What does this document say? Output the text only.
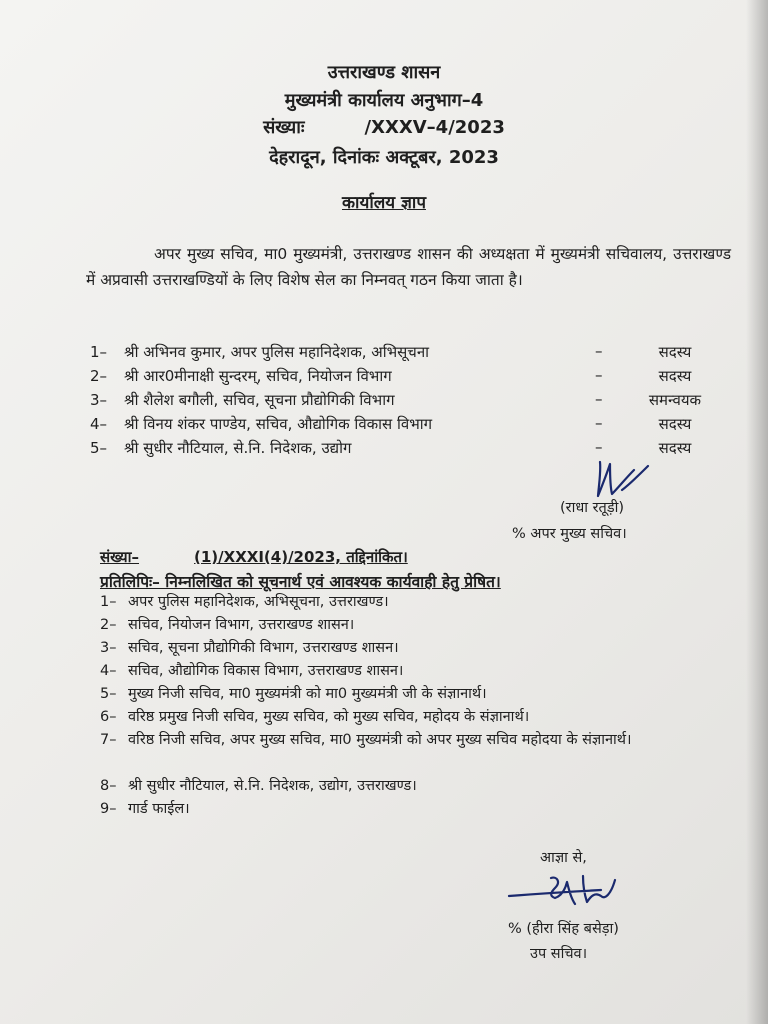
उत्तराखण्ड शासन
मुख्यमंत्री कार्यालय अनुभाग–4
संख्याः	/XXXV–4/2023
देहरादून, दिनांकः अक्टूबर, 2023
कार्यालय ज्ञाप
अपर मुख्य सचिव, मा0 मुख्यमंत्री, उत्तराखण्ड शासन की अध्यक्षता में मुख्यमंत्री सचिवालय, उत्तराखण्ड में अप्रवासी उत्तराखण्डियों के लिए विशेष सेल का निम्नवत् गठन किया जाता है।
1– श्री अभिनव कुमार, अपर पुलिस महानिदेशक, अभिसूचना	–	सदस्य
2– श्री आर0मीनाक्षी सुन्दरम्, सचिव, नियोजन विभाग	–	सदस्य
3– श्री शैलेश बगौली, सचिव, सूचना प्रौद्योगिकी विभाग	–	समन्वयक
4– श्री विनय शंकर पाण्डेय, सचिव, औद्योगिक विकास विभाग	–	सदस्य
5– श्री सुधीर नौटियाल, से.नि. निदेशक, उद्योग	–	सदस्य
(राधा रतूड़ी)
% अपर मुख्य सचिव।
संख्या–	(1)/XXXI(4)/2023, तद्दिनांकित।
प्रतिलिपिः– निम्नलिखित को सूचनार्थ एवं आवश्यक कार्यवाही हेतु प्रेषित।
1– अपर पुलिस महानिदेशक, अभिसूचना, उत्तराखण्ड।
2– सचिव, नियोजन विभाग, उत्तराखण्ड शासन।
3– सचिव, सूचना प्रौद्योगिकी विभाग, उत्तराखण्ड शासन।
4– सचिव, औद्योगिक विकास विभाग, उत्तराखण्ड शासन।
5– मुख्य निजी सचिव, मा0 मुख्यमंत्री को मा0 मुख्यमंत्री जी के संज्ञानार्थ।
6– वरिष्ठ प्रमुख निजी सचिव, मुख्य सचिव, को मुख्य सचिव, महोदय के संज्ञानार्थ।
7– वरिष्ठ निजी सचिव, अपर मुख्य सचिव, मा0 मुख्यमंत्री को अपर मुख्य सचिव महोदया के संज्ञानार्थ।
8– श्री सुधीर नौटियाल, से.नि. निदेशक, उद्योग, उत्तराखण्ड।
9– गार्ड फाईल।
आज्ञा से,
% (हीरा सिंह बसेड़ा)
उप सचिव।
